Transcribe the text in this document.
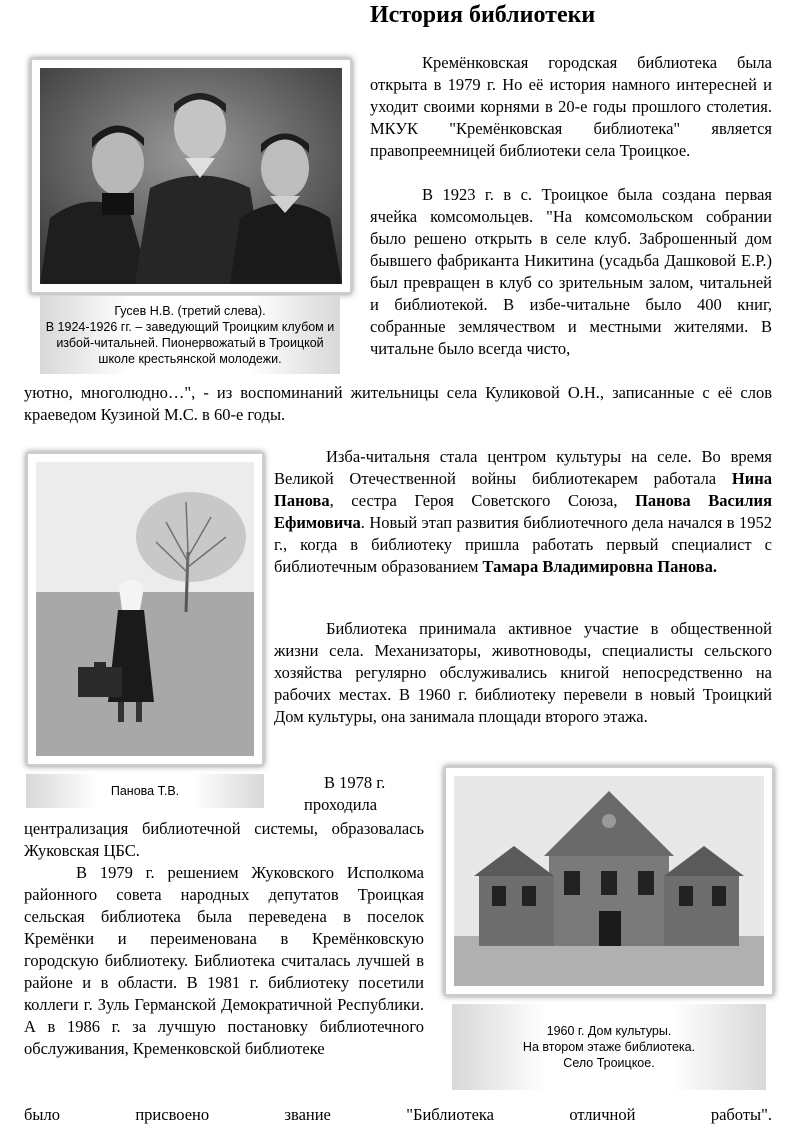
История библиотеки
Гусев Н.В. (третий слева).
В 1924-1926 гг. – заведующий Троицким клубом и избой-читальней. Пионервожатый в Троицкой школе крестьянской молодежи.

Кремёнковская городская библиотека была открыта в 1979 г. Но её история намного интересней и уходит своими корнями в 20-е годы прошлого столетия. МКУК "Кремёнковская библиотека" является правопреемницей библиотеки села Троицкое.

В 1923 г. в с. Троицкое была создана первая ячейка комсомольцев. "На комсомольском собрании было решено открыть в селе клуб. Заброшенный дом бывшего фабриканта Никитина (усадьба Дашковой Е.Р.) был превращен в клуб со зрительным залом, читальней и библиотекой. В избе-читальне было 400 книг, собранные землячеством и местными жителями. В читальне было всегда чисто,

уютно, многолюдно…", - из воспоминаний жительницы села Куликовой О.Н., записанные с её слов краеведом Кузиной М.С. в 60-е годы.

Панова Т.В.

Изба-читальня стала центром культуры на селе. Во время Великой Отечественной войны библиотекарем работала Нина Панова, сестра Героя Советского Союза, Панова Василия Ефимовича. Новый этап развития библиотечного дела начался в 1952 г., когда в библиотеку пришла работать первый специалист с библиотечным образованием Тамара Владимировна Панова.

Библиотека принимала активное участие в общественной жизни села. Механизаторы, животноводы, специалисты сельского хозяйства регулярно обслуживались книгой непосредственно на рабочих местах. В 1960 г. библиотеку перевели в новый Троицкий Дом культуры, она занимала площади второго этажа.

В 1978 г.
проходила

централизация библиотечной системы, образовалась Жуковская ЦБС.

1960 г. Дом культуры.
На втором этаже библиотека.
Село Троицкое.

В 1979 г. решением Жуковского Исполкома районного совета народных депутатов Троицкая сельская библиотека была переведена в поселок Кремёнки и переименована в Кремёнковскую городскую библиотеку. Библиотека считалась лучшей в районе и в области. В 1981 г. библиотеку посетили коллеги г. Зуль Германской Демократичной Республики. А в 1986 г. за лучшую постановку библиотечного обслуживания, Кременковской библиотеке

было присвоено звание "Библиотека отличной работы".
